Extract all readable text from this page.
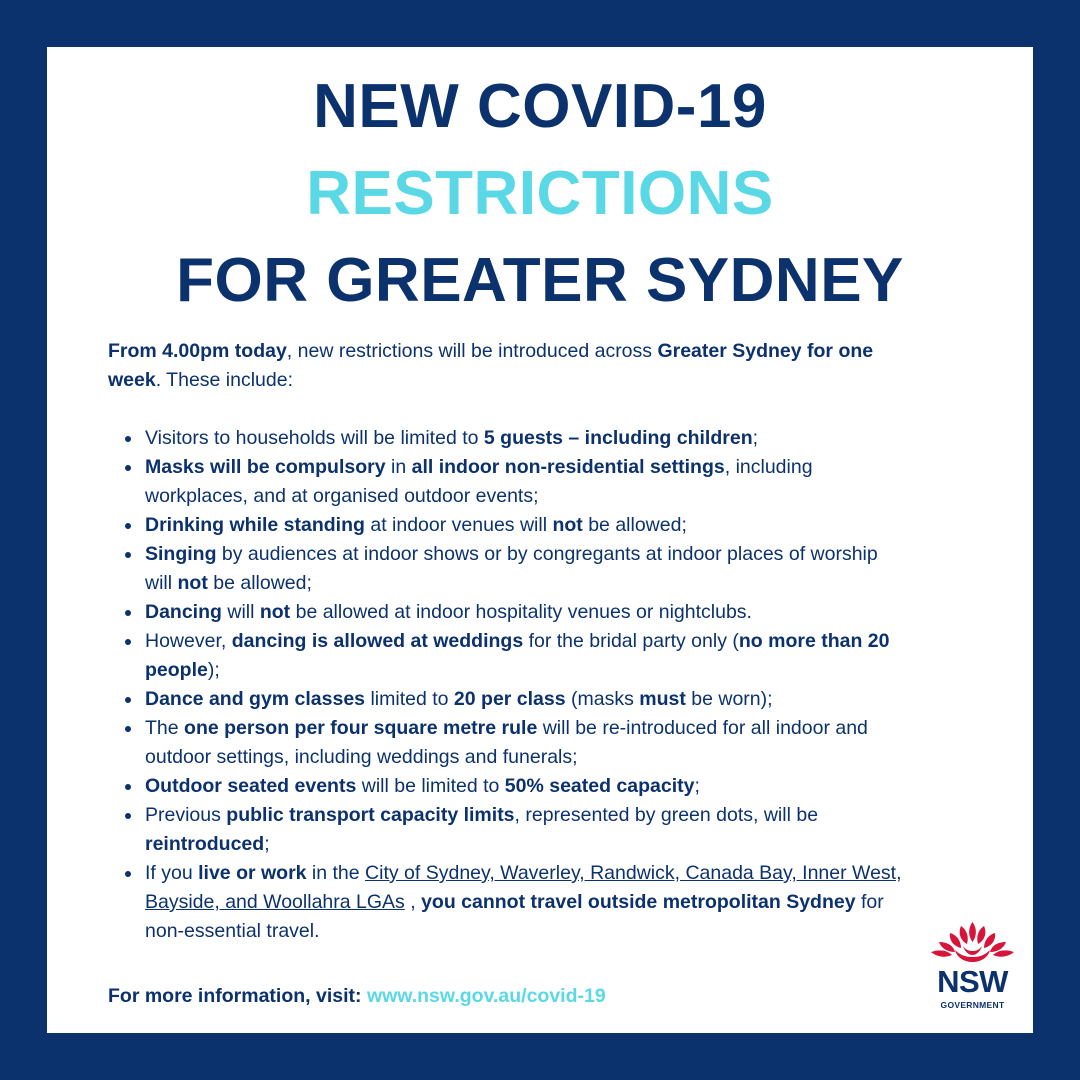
NEW COVID-19
RESTRICTIONS
FOR GREATER SYDNEY

From 4.00pm today, new restrictions will be introduced across Greater Sydney for one week. These include:

Visitors to households will be limited to 5 guests – including children;
Masks will be compulsory in all indoor non-residential settings, including workplaces, and at organised outdoor events;
Drinking while standing at indoor venues will not be allowed;
Singing by audiences at indoor shows or by congregants at indoor places of worship will not be allowed;
Dancing will not be allowed at indoor hospitality venues or nightclubs.
However, dancing is allowed at weddings for the bridal party only (no more than 20 people);
Dance and gym classes limited to 20 per class (masks must be worn);
The one person per four square metre rule will be re-introduced for all indoor and outdoor settings, including weddings and funerals;
Outdoor seated events will be limited to 50% seated capacity;
Previous public transport capacity limits, represented by green dots, will be reintroduced;
If you live or work in the City of Sydney, Waverley, Randwick, Canada Bay, Inner West, Bayside, and Woollahra LGAs , you cannot travel outside metropolitan Sydney for non-essential travel.
For more information, visit: www.nsw.gov.au/covid-19	NSW
GOVERNMENT
